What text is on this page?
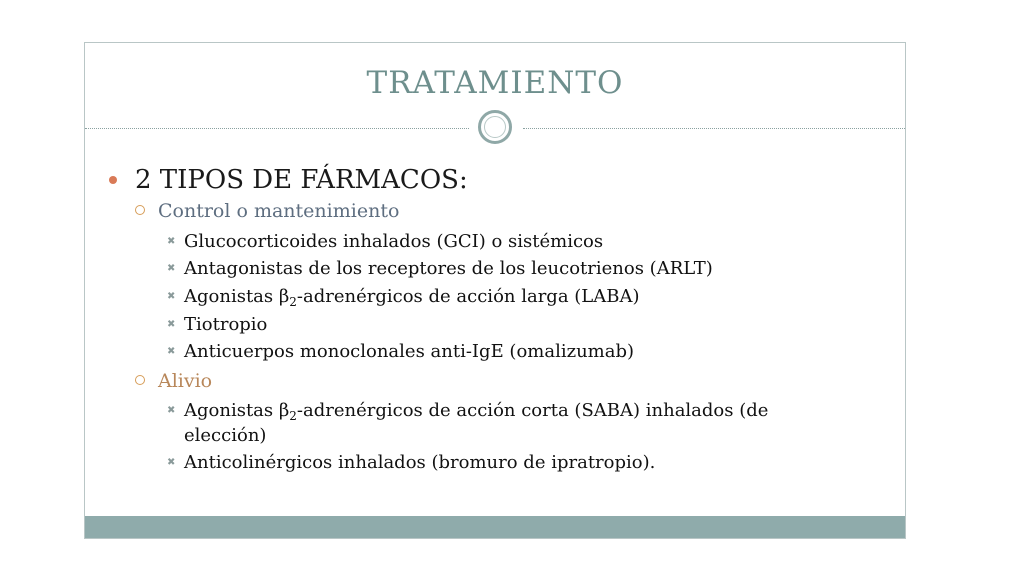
TRATAMIENTO
2 TIPOS DE FÁRMACOS:
Control o mantenimiento
✖ Glucocorticoides inhalados (GCI) o sistémicos
✖ Antagonistas de los receptores de los leucotrienos (ARLT)
✖ Agonistas $\beta_2$-adrenérgicos de acción larga (LABA)
✖ Tiotropio
✖ Anticuerpos monoclonales anti-IgE (omalizumab)
Alivio
✖ Agonistas $\beta_2$-adrenérgicos de acción corta (SABA) inhalados (de
elección)
✖ Anticolinérgicos inhalados (bromuro de ipratropio).
